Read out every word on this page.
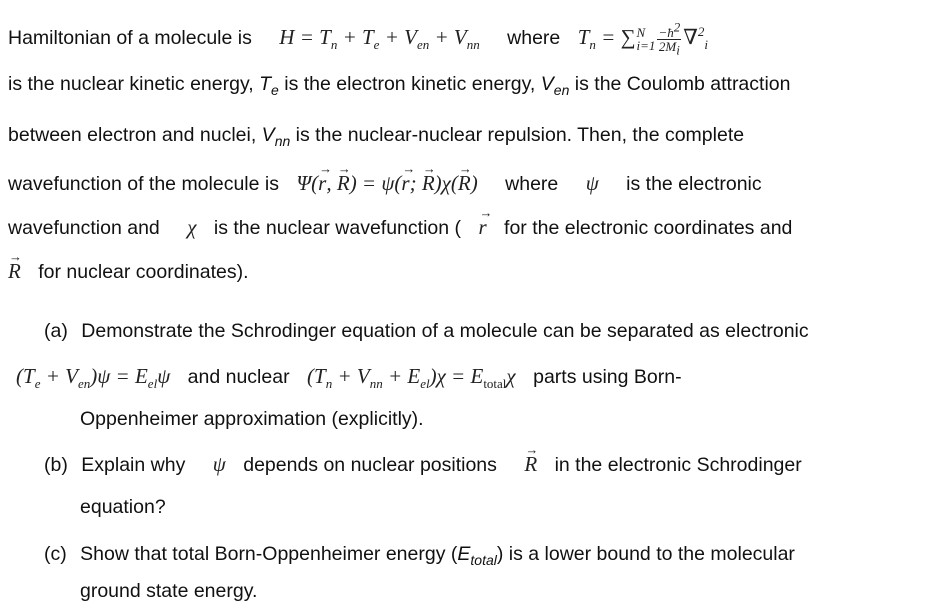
Hamiltonian of a molecule is $H = T_n + T_e + V_{en} + V_{nn}$ where $T_n$ = ∑ N
$i=1 \frac{-ħ^2}{2M_i} \nabla^2_i$
is the nuclear kinetic energy, $T_e$ is the electron kinetic energy, $V_{en}$ is the Coulomb attraction
between electron and nuclei, $V_{nn}$ is the nuclear-nuclear repulsion. Then, the complete
wavefunction of the molecule is Ψ(→ r, → R) = ψ(→ r; → R)χ(→ R) where ψ is the electronic
wavefunction and χ is the nuclear wavefunction ( → r for the electronic coordinates and
→ R for nuclear coordinates).
(a) Demonstrate the Schrodinger equation of a molecule can be separated as electronic
$(T_e + V_{en})\psi = E_{el}\psi$ and nuclear $(T_n + V_{nn} + E_{el})\chi = E_{total}\chi$ parts using Born-
Oppenheimer approximation (explicitly).
(b) Explain why ψ depends on nuclear positions → R in the electronic Schrodinger
equation?
(c) Show that total Born-Oppenheimer energy $(E_{total})$ is a lower bound to the molecular
ground state energy.
